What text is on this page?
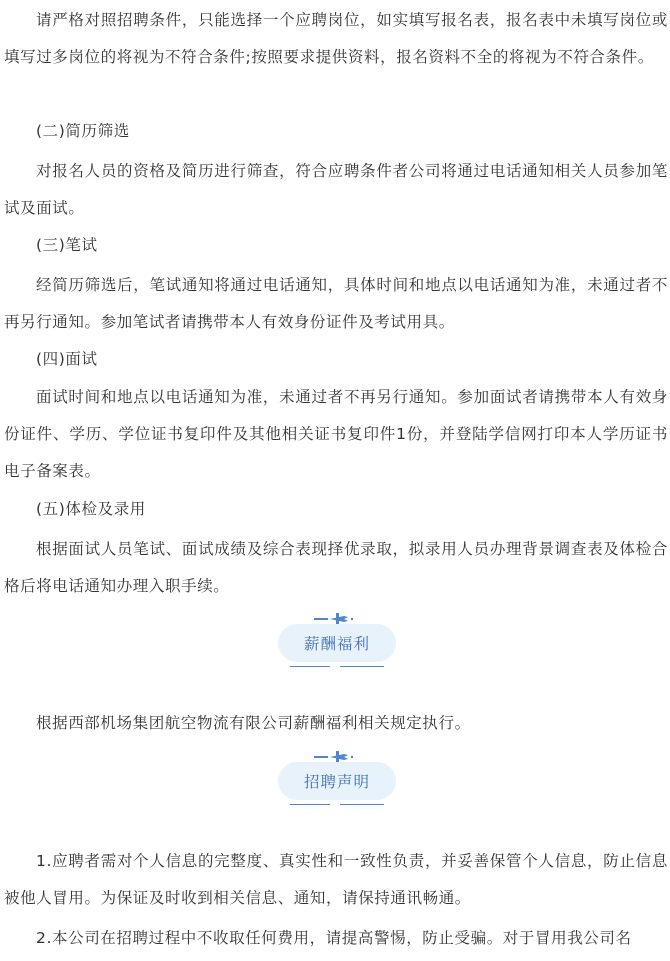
请严格对照招聘条件，只能选择一个应聘岗位，如实填写报名表，报名表中未填写岗位或填写过多岗位的将视为不符合条件;按照要求提供资料，报名资料不全的将视为不符合条件。

(二)简历筛选

对报名人员的资格及简历进行筛查，符合应聘条件者公司将通过电话通知相关人员参加笔试及面试。

(三)笔试

经简历筛选后，笔试通知将通过电话通知，具体时间和地点以电话通知为准，未通过者不再另行通知。参加笔试者请携带本人有效身份证件及考试用具。

(四)面试

面试时间和地点以电话通知为准，未通过者不再另行通知。参加面试者请携带本人有效身份证件、学历、学位证书复印件及其他相关证书复印件1份，并登陆学信网打印本人学历证书电子备案表。

(五)体检及录用

根据面试人员笔试、面试成绩及综合表现择优录取，拟录用人员办理背景调查表及体检合格后将电话通知办理入职手续。

薪酬福利

根据西部机场集团航空物流有限公司薪酬福利相关规定执行。

招聘声明

1.应聘者需对个人信息的完整度、真实性和一致性负责，并妥善保管个人信息，防止信息被他人冒用。为保证及时收到相关信息、通知，请保持通讯畅通。

2.本公司在招聘过程中不收取任何费用，请提高警惕，防止受骗。对于冒用我公司名
